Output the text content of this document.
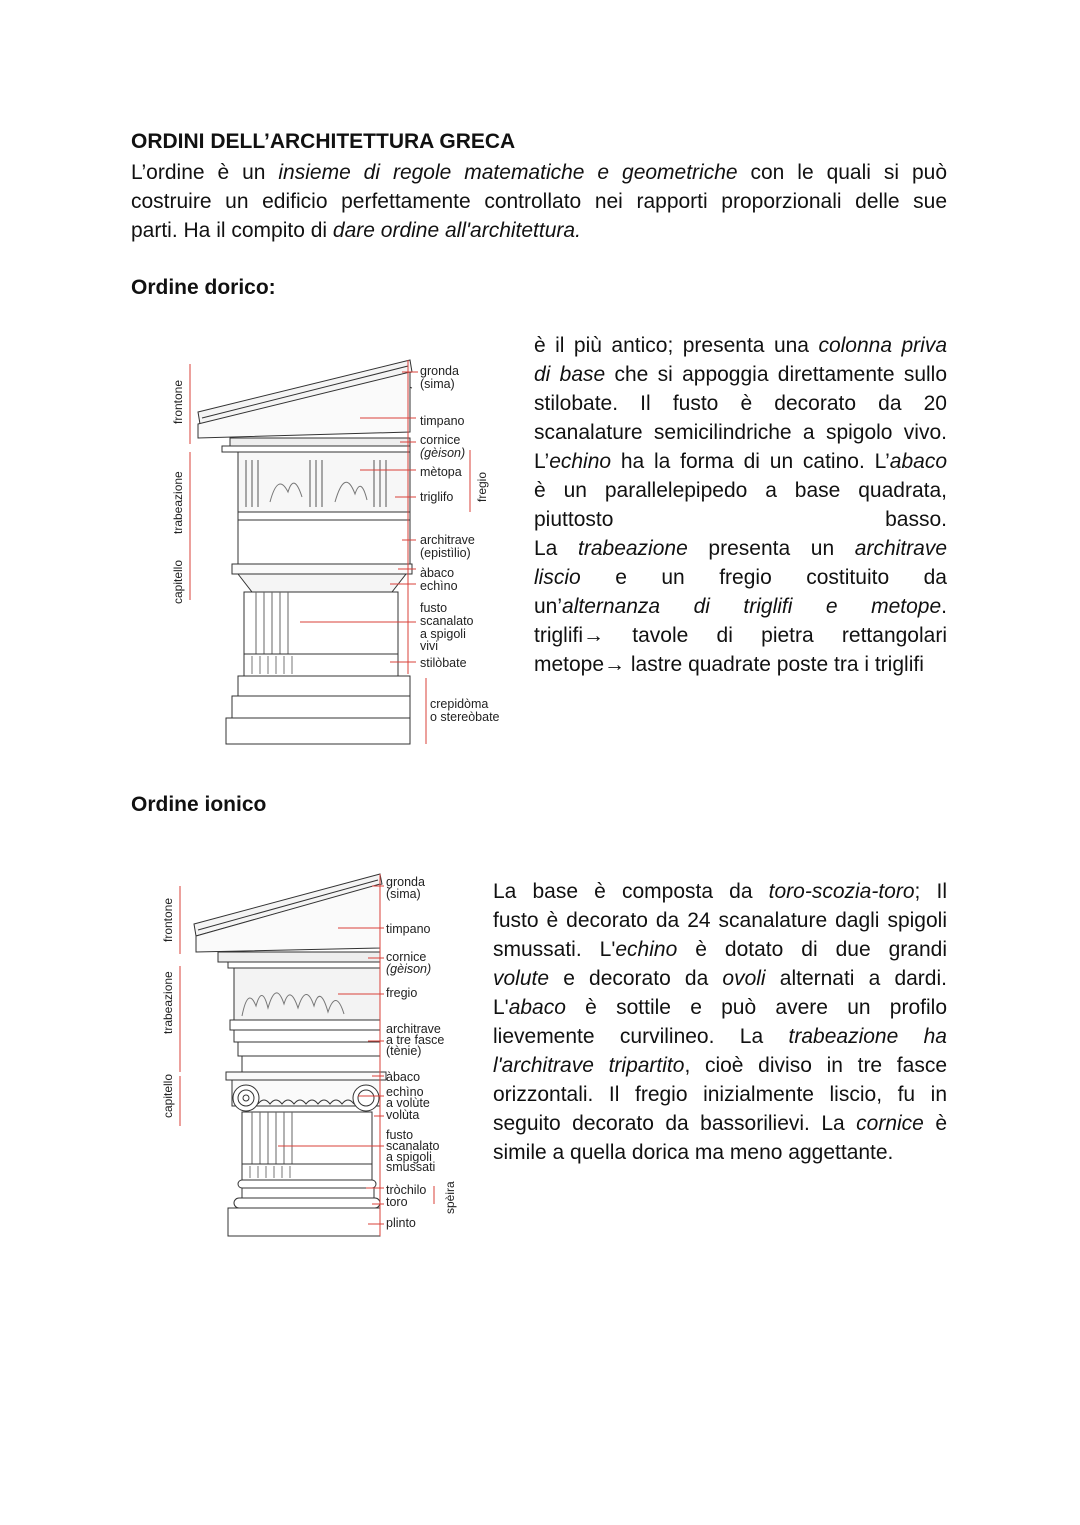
ORDINI DELL’ARCHITETTURA GRECA
L’ordine è un insieme di regole matematiche e geometriche con le quali si può
costruire un edificio perfettamente controllato nei rapporti proporzionali delle sue
parti. Ha il compito di dare ordine all'architettura.
Ordine dorico:
gronda
(sima)
timpano
cornice
(gèison)
mètopa
triglifo
architrave
(epistìlio)
àbaco
echìno
fusto
scanalato
a spigoli
vivi
stilòbate
crepidòma
o stereòbate
frontone
trabeazione
capitello
fregio
è il più antico; presenta una colonna priva
di base che si appoggia direttamente sullo
stilobate. Il fusto è decorato da 20
scanalature semicilindriche a spigolo vivo.
L’echino ha la forma di un catino. L’abaco
è un parallelepipedo a base quadrata,
piuttosto basso.
La trabeazione presenta un architrave
liscio e un fregio costituito da
un’alternanza di triglifi e metope.
triglifi→ tavole di pietra rettangolari
metope→ lastre quadrate poste tra i triglifi
Ordine ionico
gronda
(sima)
timpano
cornice
(gèison)
fregio
architrave
a tre fasce
(tènie)
àbaco
echìno
a volùte
volùta
fusto
scanalato
a spigoli
smussati
tròchilo
toro
plinto
spèira
frontone
trabeazione
capitello
La base è composta da toro-scozia-toro; Il
fusto è decorato da 24 scanalature dagli spigoli
smussati. L'echino è dotato di due grandi
volute e decorato da ovoli alternati a dardi.
L'abaco è sottile e può avere un profilo
lievemente curvilineo. La trabeazione ha
l'architrave tripartito, cioè diviso in tre fasce
orizzontali. Il fregio inizialmente liscio, fu in
seguito decorato da bassorilievi. La cornice è
simile a quella dorica ma meno aggettante.
